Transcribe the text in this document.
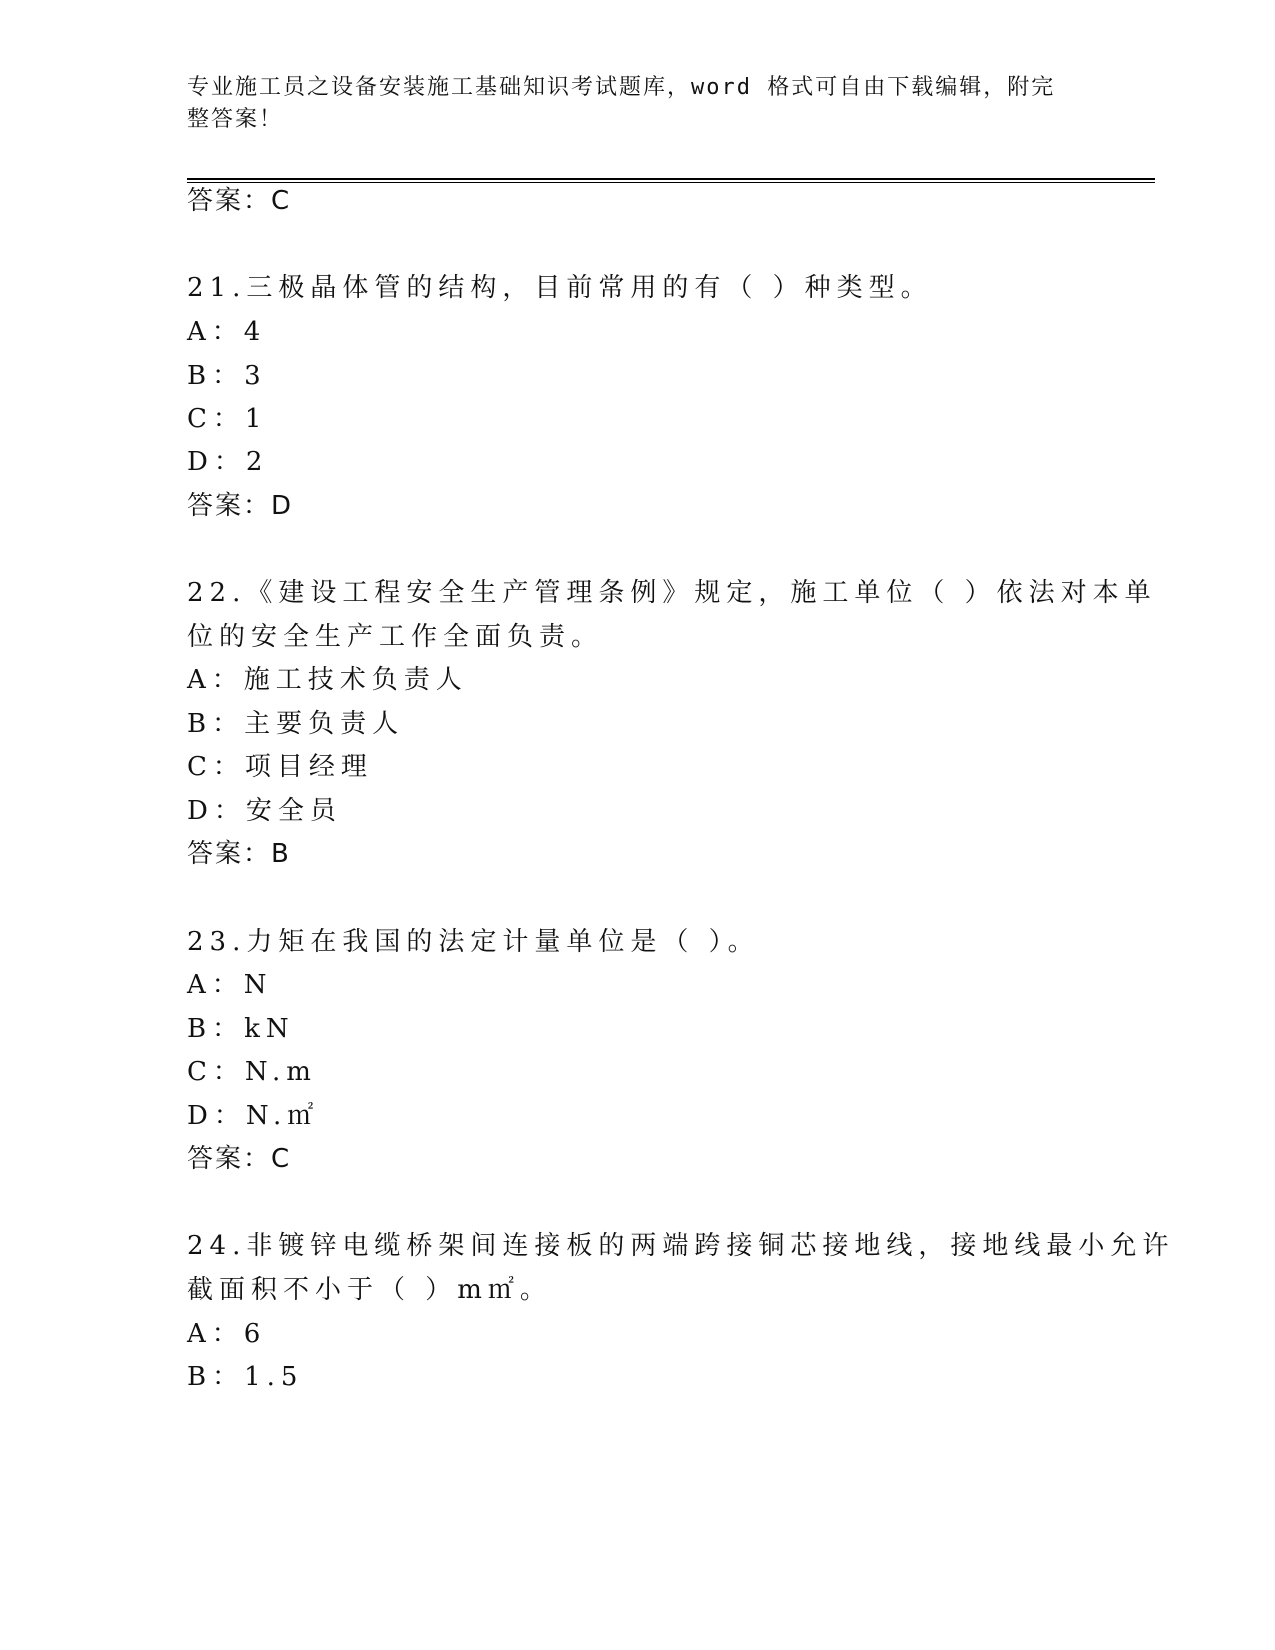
专业施工员之设备安装施工基础知识考试题库，word 格式可自由下载编辑，附完
整答案！
答案：C
21.三极晶体管的结构，目前常用的有（ ）种类型。
A：4
B：3
C：1
D：2
答案：D
22.《建设工程安全生产管理条例》规定，施工单位（ ）依法对本单
位的安全生产工作全面负责。
A：施工技术负责人
B：主要负责人
C：项目经理
D：安全员
答案：B
23.力矩在我国的法定计量单位是（ ）。
A：N
B：kN
C：N.m
D：N.㎡
答案：C
24.非镀锌电缆桥架间连接板的两端跨接铜芯接地线，接地线最小允许
截面积不小于（ ）m㎡。
A：6
B：1.5
